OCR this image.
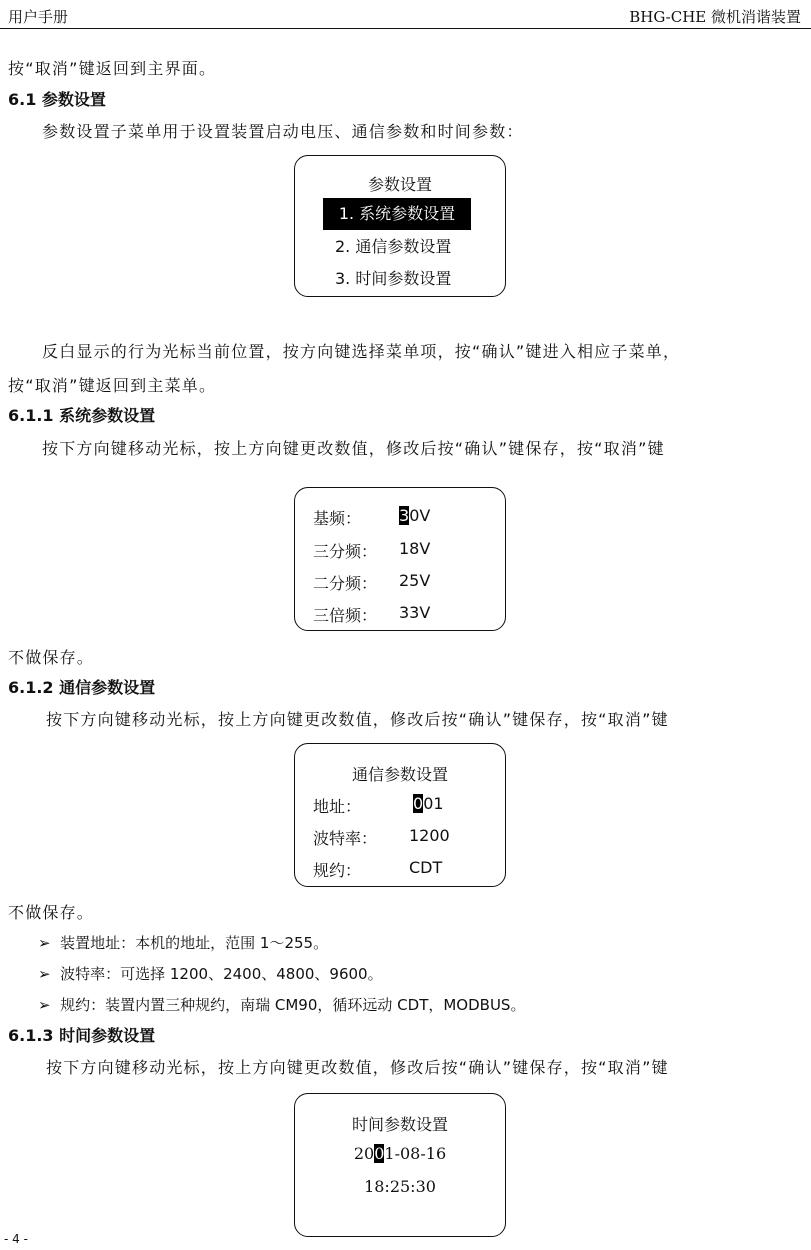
用户手册	BHG-CHE 微机消谐装置
按“取消”键返回到主界面。
6.1 参数设置
参数设置子菜单用于设置装置启动电压、通信参数和时间参数：
参数设置
1. 系统参数设置
2. 通信参数设置
3. 时间参数设置
反白显示的行为光标当前位置，按方向键选择菜单项，按“确认”键进入相应子菜单，
按“取消”键返回到主菜单。
6.1.1 系统参数设置
按下方向键移动光标，按上方向键更改数值，修改后按“确认”键保存，按“取消”键
基频： 30V
三分频： 18V
二分频： 25V
三倍频： 33V
不做保存。
6.1.2 通信参数设置
按下方向键移动光标，按上方向键更改数值，修改后按“确认”键保存，按“取消”键
通信参数设置
地址：	001
波特率： 1200
规约：	CDT
不做保存。
➢ 装置地址：本机的地址，范围 1～255。
➢ 波特率：可选择 1200、2400、4800、9600。
➢ 规约：装置内置三种规约，南瑞 CM90，循环远动 CDT，MODBUS。
6.1.3 时间参数设置
按下方向键移动光标，按上方向键更改数值，修改后按“确认”键保存，按“取消”键
时间参数设置
2001-08-16
18:25:30
- 4 -
